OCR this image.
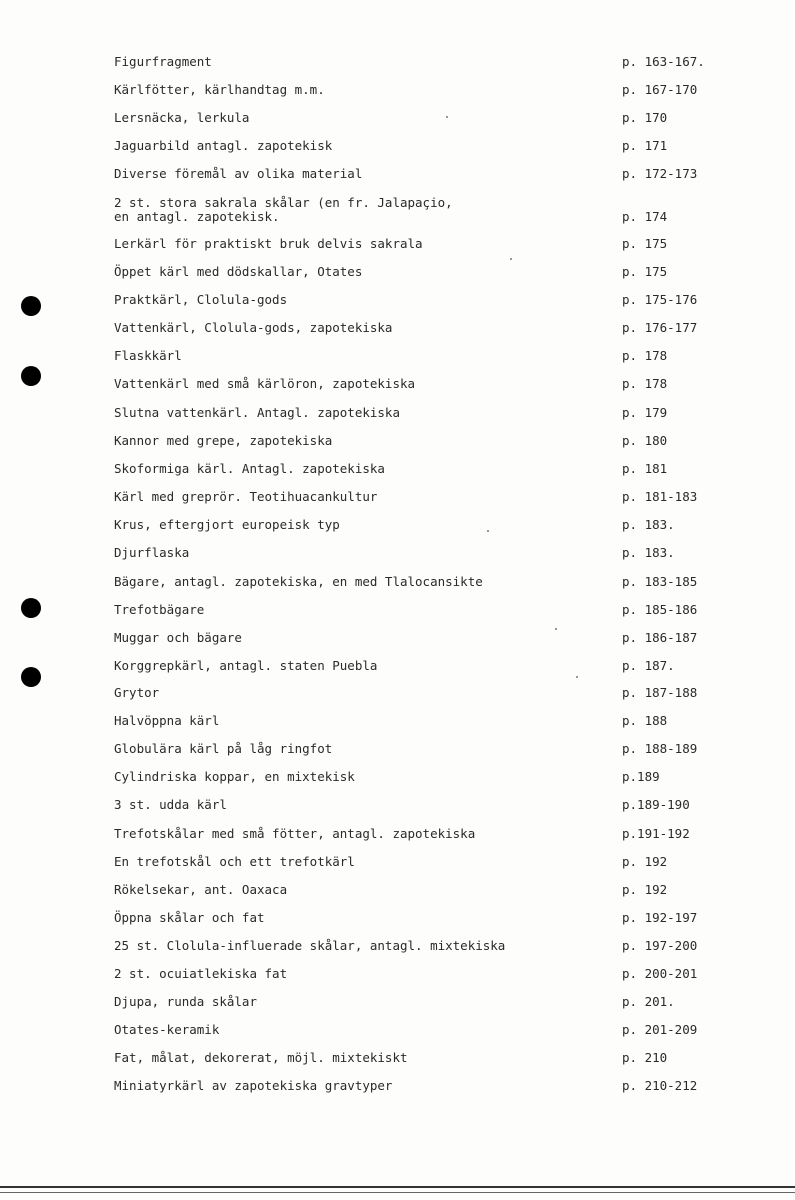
Figurfragment	p. 163-167.
Kärlfötter, kärlhandtag m.m.	p. 167-170
Lersnäcka, lerkula	p. 170
Jaguarbild antagl. zapotekisk	p. 171
Diverse föremål av olika material	p. 172-173
2 st. stora sakrala skålar (en fr. Jalapaçio,
en antagl. zapotekisk.	p. 174
Lerkärl för praktiskt bruk delvis sakrala	p. 175
Öppet kärl med dödskallar, Otates	p. 175
Praktkärl, Clolula-gods	p. 175-176
Vattenkärl, Clolula-gods, zapotekiska	p. 176-177
Flaskkärl	p. 178
Vattenkärl med små kärlöron, zapotekiska	p. 178
Slutna vattenkärl. Antagl. zapotekiska	p. 179
Kannor med grepe, zapotekiska	p. 180
Skoformiga kärl. Antagl. zapotekiska	p. 181
Kärl med greprör. Teotihuacankultur	p. 181-183
Krus, eftergjort europeisk typ	p. 183.
Djurflaska	p. 183.
Bägare, antagl. zapotekiska, en med Tlalocansikte	p. 183-185
Trefotbägare	p. 185-186
Muggar och bägare	p. 186-187
Korggrepkärl, antagl. staten Puebla	p. 187.
Grytor	p. 187-188
Halvöppna kärl	p. 188
Globulära kärl på låg ringfot	p. 188-189
Cylindriska koppar, en mixtekisk	p.189
3 st. udda kärl	p.189-190
Trefotskålar med små fötter, antagl. zapotekiska	p.191-192
En trefotskål och ett trefotkärl	p. 192
Rökelsekar, ant. Oaxaca	p. 192
Öppna skålar och fat	p. 192-197
25 st. Clolula-influerade skålar, antagl. mixtekiska	p. 197-200
2 st. ocuiatlekiska fat	p. 200-201
Djupa, runda skålar	p. 201.
Otates-keramik	p. 201-209
Fat, målat, dekorerat, möjl. mixtekiskt	p. 210
Miniatyrkärl av zapotekiska gravtyper	p. 210-212
